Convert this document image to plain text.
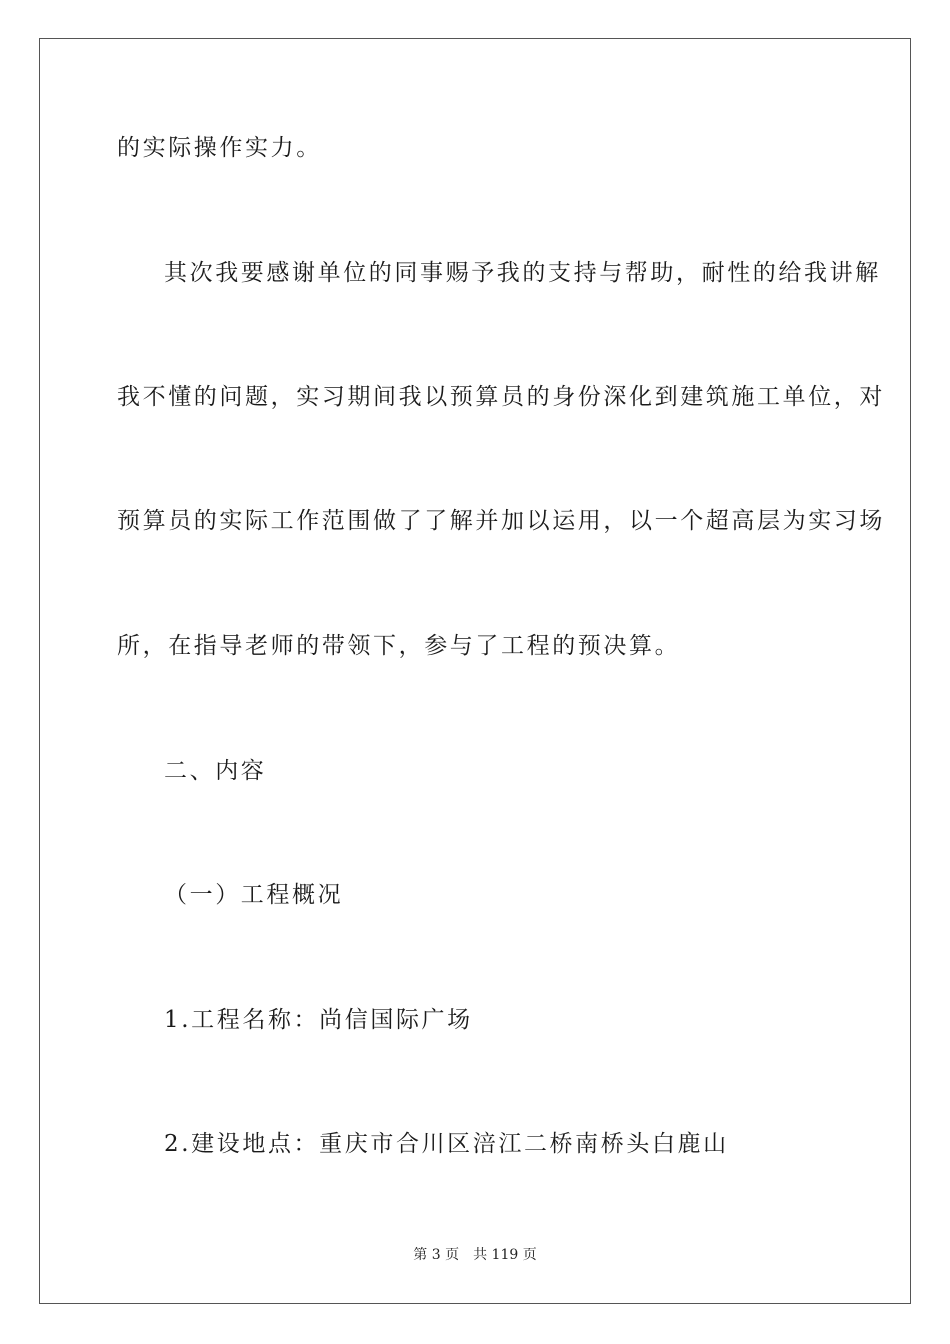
的实际操作实力。
其次我要感谢单位的同事赐予我的支持与帮助，耐性的给我讲解
我不懂的问题，实习期间我以预算员的身份深化到建筑施工单位，对
预算员的实际工作范围做了了解并加以运用，以一个超高层为实习场
所，在指导老师的带领下，参与了工程的预决算。
二、内容
（一）工程概况
1.工程名称：尚信国际广场
2.建设地点：重庆市合川区涪江二桥南桥头白鹿山
第 3 页 共 119 页
